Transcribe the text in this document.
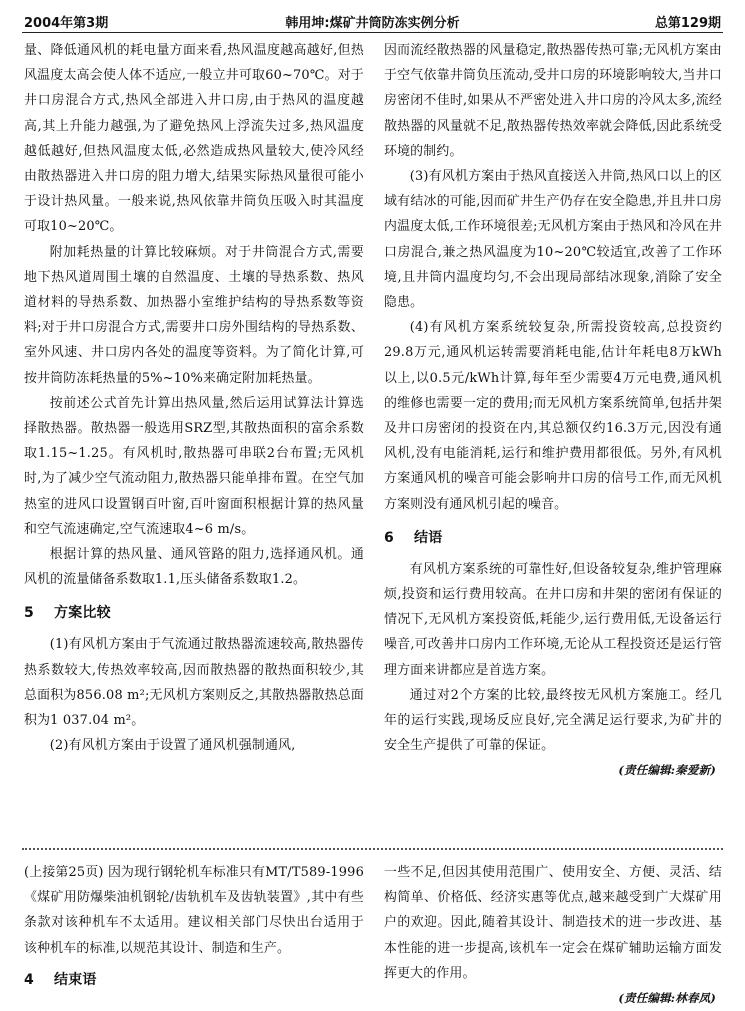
2004年第3期	韩用坤:煤矿井筒防冻实例分析	总第129期

量、降低通风机的耗电量方面来看,热风温度越高越好,但热风温度太高会使人体不适应,一般立井可取60~70℃。对于井口房混合方式,热风全部进入井口房,由于热风的温度越高,其上升能力越强,为了避免热风上浮流失过多,热风温度越低越好,但热风温度太低,必然造成热风量较大,使冷风经由散热器进入井口房的阻力增大,结果实际热风量很可能小于设计热风量。一般来说,热风依靠井筒负压吸入时其温度可取10~20℃。

附加耗热量的计算比较麻烦。对于井筒混合方式,需要地下热风道周围土壤的自然温度、土壤的导热系数、热风道材料的导热系数、加热器小室维护结构的导热系数等资料;对于井口房混合方式,需要井口房外围结构的导热系数、室外风速、井口房内各处的温度等资料。为了简化计算,可按井筒防冻耗热量的5%~10%来确定附加耗热量。

按前述公式首先计算出热风量,然后运用试算法计算选择散热器。散热器一般选用SRZ型,其散热面积的富余系数取1.15~1.25。有风机时,散热器可串联2台布置;无风机时,为了减少空气流动阻力,散热器只能单排布置。在空气加热室的进风口设置钢百叶窗,百叶窗面积根据计算的热风量和空气流速确定,空气流速取4~6 m/s。

根据计算的热风量、通风管路的阻力,选择通风机。通风机的流量储备系数取1.1,压头储备系数取1.2。

5 方案比较

(1)有风机方案由于气流通过散热器流速较高,散热器传热系数较大,传热效率较高,因而散热器的散热面积较少,其总面积为856.08 m²;无风机方案则反之,其散热器散热总面积为1 037.04 m²。

(2)有风机方案由于设置了通风机强制通风,

因而流经散热器的风量稳定,散热器传热可靠;无风机方案由于空气依靠井筒负压流动,受井口房的环境影响较大,当井口房密闭不佳时,如果从不严密处进入井口房的冷风太多,流经散热器的风量就不足,散热器传热效率就会降低,因此系统受环境的制约。

(3)有风机方案由于热风直接送入井筒,热风口以上的区域有结冰的可能,因而矿井生产仍存在安全隐患,并且井口房内温度太低,工作环境很差;无风机方案由于热风和冷风在井口房混合,兼之热风温度为10~20℃较适宜,改善了工作环境,且井筒内温度均匀,不会出现局部结冰现象,消除了安全隐患。

(4)有风机方案系统较复杂,所需投资较高,总投资约29.8万元,通风机运转需要消耗电能,估计年耗电8万kWh以上,以0.5元/kWh计算,每年至少需要4万元电费,通风机的维修也需要一定的费用;而无风机方案系统简单,包括井架及井口房密闭的投资在内,其总额仅约16.3万元,因没有通风机,没有电能消耗,运行和维护费用都很低。另外,有风机方案通风机的噪音可能会影响井口房的信号工作,而无风机方案则没有通风机引起的噪音。

6 结语

有风机方案系统的可靠性好,但设备较复杂,维护管理麻烦,投资和运行费用较高。在井口房和井架的密闭有保证的情况下,无风机方案投资低,耗能少,运行费用低,无设备运行噪音,可改善井口房内工作环境,无论从工程投资还是运行管理方面来讲都应是首选方案。

通过对2个方案的比较,最终按无风机方案施工。经几年的运行实践,现场反应良好,完全满足运行要求,为矿井的安全生产提供了可靠的保证。

(责任编辑:秦爱新)

(上接第25页) 因为现行钢轮机车标准只有MT/T589-1996《煤矿用防爆柴油机钢轮/齿轨机车及齿轨装置》,其中有些条款对该种机车不太适用。建议相关部门尽快出台适用于该种机车的标准,以规范其设计、制造和生产。

4 结束语

一些不足,但因其使用范围广、使用安全、方便、灵活、结构简单、价格低、经济实惠等优点,越来越受到广大煤矿用户的欢迎。因此,随着其设计、制造技术的进一步改进、基本性能的进一步提高,该机车一定会在煤矿辅助运输方面发挥更大的作用。

(责任编辑:林春凤)
